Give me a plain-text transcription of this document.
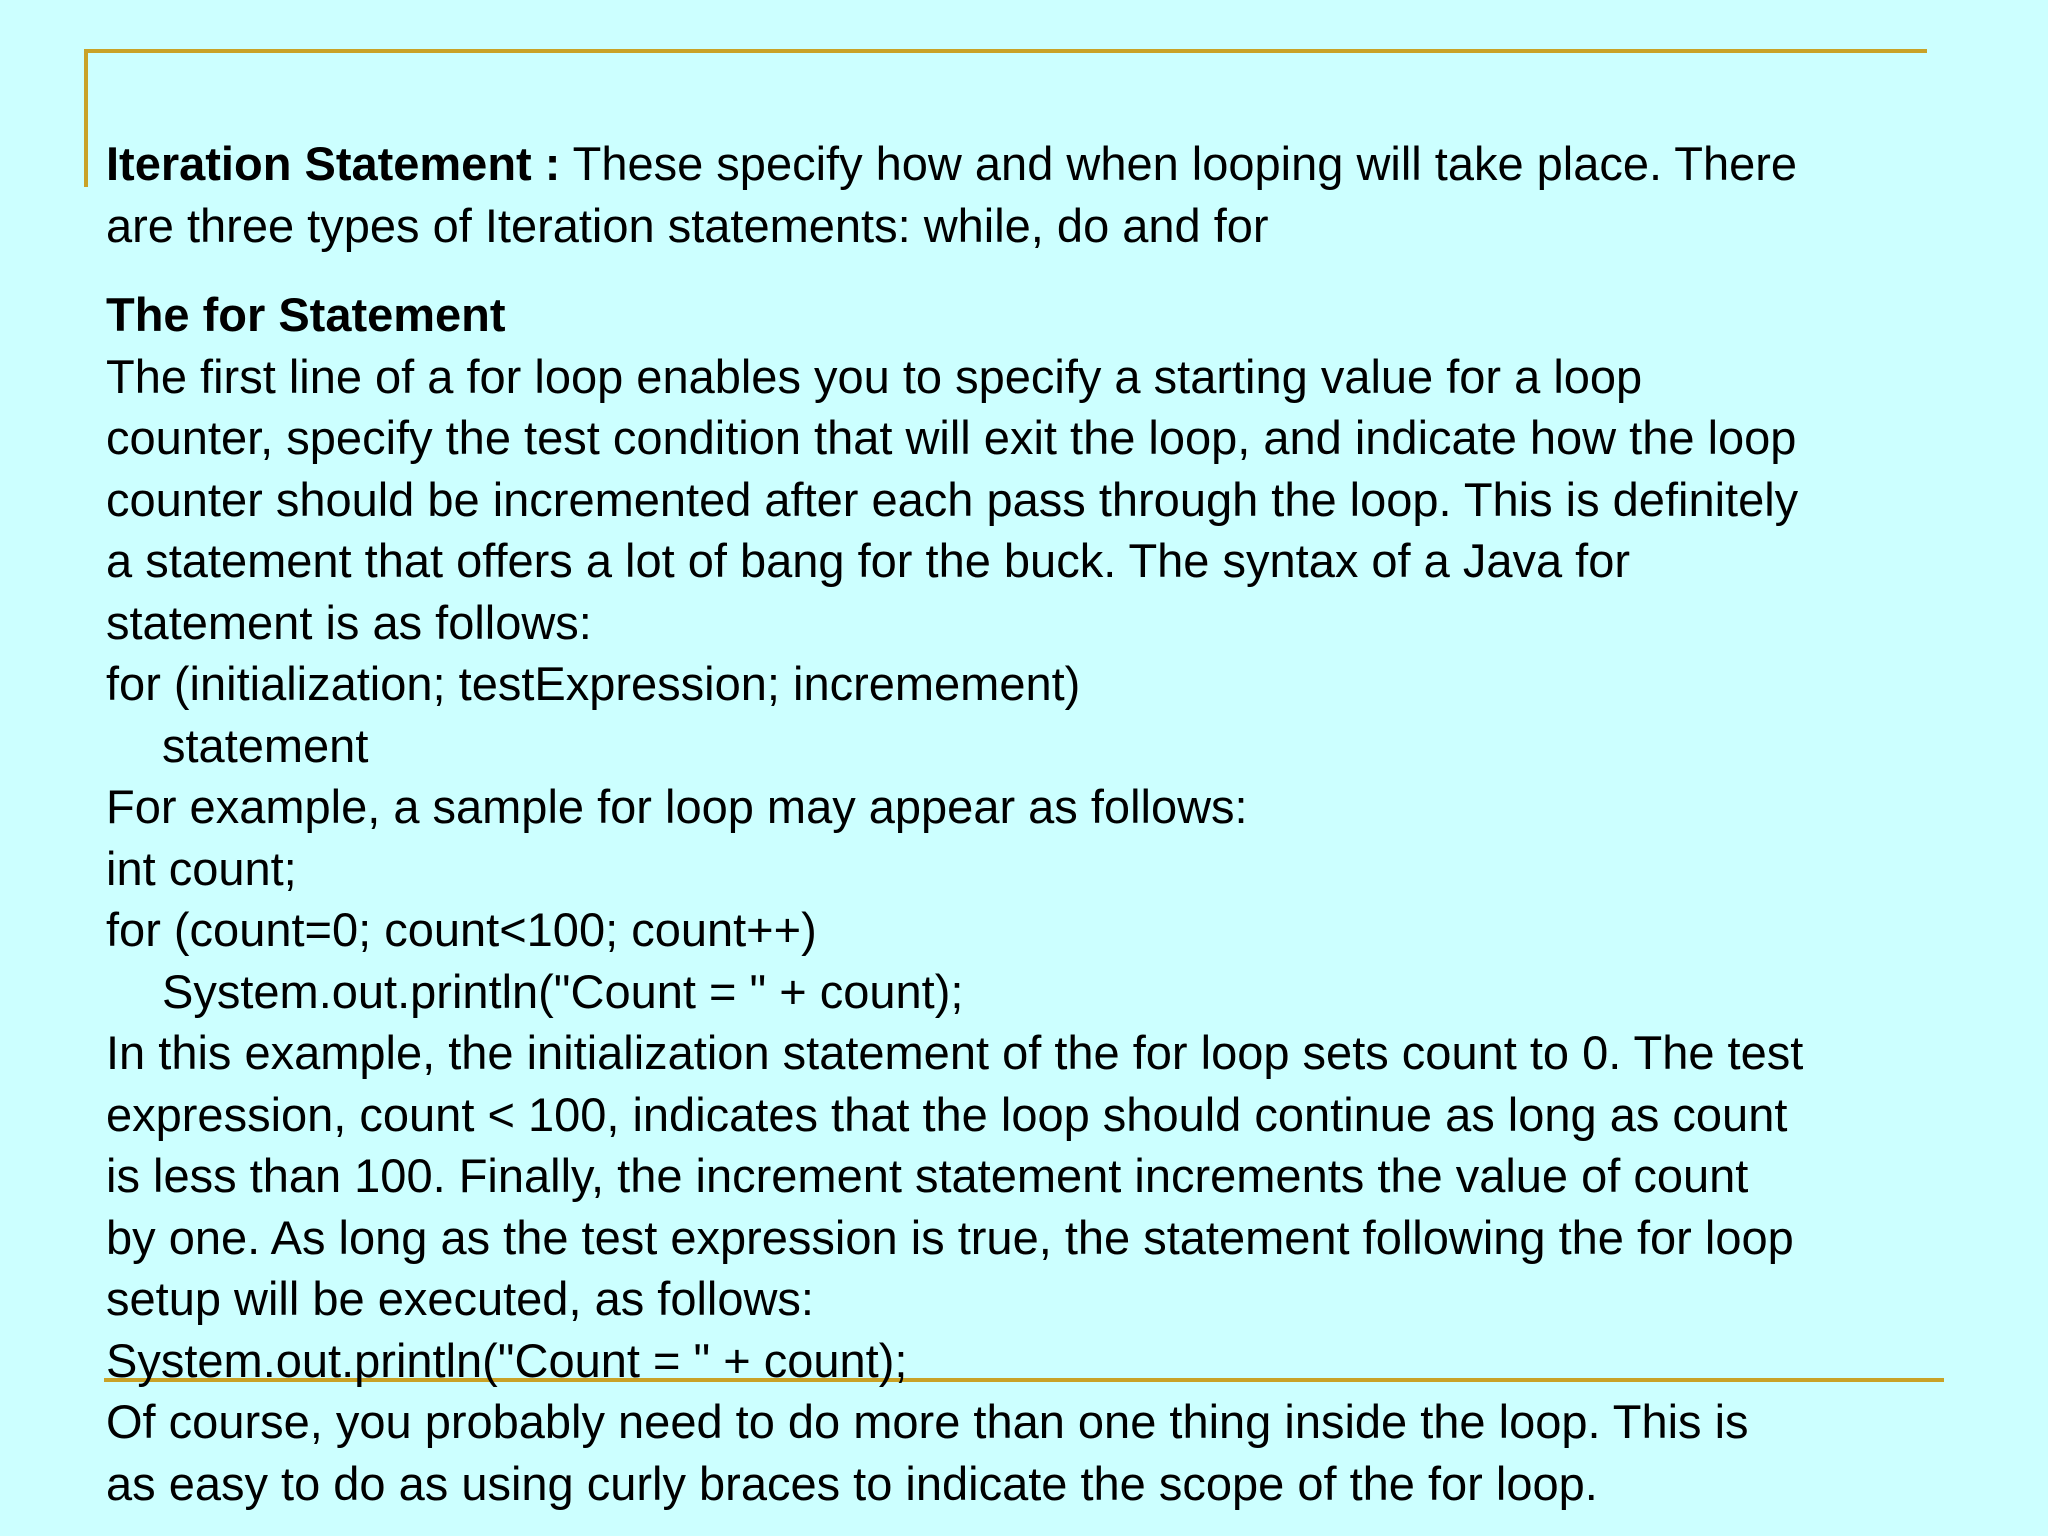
Iteration Statement : These specify how and when looping will take place. There
are three types of Iteration statements: while, do and for
The for Statement
The first line of a for loop enables you to specify a starting value for a loop
counter, specify the test condition that will exit the loop, and indicate how the loop
counter should be incremented after each pass through the loop. This is definitely
a statement that offers a lot of bang for the buck. The syntax of a Java for
statement is as follows:
for (initialization; testExpression; incremement)
statement
For example, a sample for loop may appear as follows:
int count;
for (count=0; count<100; count++)
System.out.println("Count = " + count);
In this example, the initialization statement of the for loop sets count to 0. The test
expression, count < 100, indicates that the loop should continue as long as count
is less than 100. Finally, the increment statement increments the value of count
by one. As long as the test expression is true, the statement following the for loop
setup will be executed, as follows:
System.out.println("Count = " + count);
Of course, you probably need to do more than one thing inside the loop. This is
as easy to do as using curly braces to indicate the scope of the for loop.
